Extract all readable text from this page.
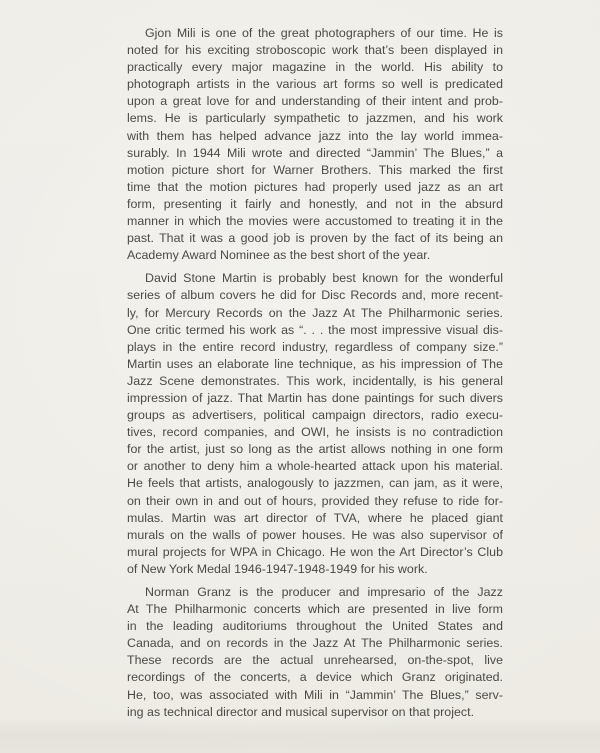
Gjon Mili is one of the great photographers of our time. He is
noted for his exciting stroboscopic work that’s been displayed in
practically every major magazine in the world. His ability to
photograph artists in the various art forms so well is predicated
upon a great love for and understanding of their intent and prob-
lems. He is particularly sympathetic to jazzmen, and his work
with them has helped advance jazz into the lay world immea-
surably. In 1944 Mili wrote and directed “Jammin’ The Blues,” a
motion picture short for Warner Brothers. This marked the first
time that the motion pictures had properly used jazz as an art
form, presenting it fairly and honestly, and not in the absurd
manner in which the movies were accustomed to treating it in the
past. That it was a good job is proven by the fact of its being an
Academy Award Nominee as the best short of the year.
David Stone Martin is probably best known for the wonderful
series of album covers he did for Disc Records and, more recent-
ly, for Mercury Records on the Jazz At The Philharmonic series.
One critic termed his work as “. . . the most impressive visual dis-
plays in the entire record industry, regardless of company size.”
Martin uses an elaborate line technique, as his impression of The
Jazz Scene demonstrates. This work, incidentally, is his general
impression of jazz. That Martin has done paintings for such divers
groups as advertisers, political campaign directors, radio execu-
tives, record companies, and OWI, he insists is no contradiction
for the artist, just so long as the artist allows nothing in one form
or another to deny him a whole-hearted attack upon his material.
He feels that artists, analogously to jazzmen, can jam, as it were,
on their own in and out of hours, provided they refuse to ride for-
mulas. Martin was art director of TVA, where he placed giant
murals on the walls of power houses. He was also supervisor of
mural projects for WPA in Chicago. He won the Art Director’s Club
of New York Medal 1946-1947-1948-1949 for his work.
Norman Granz is the producer and impresario of the Jazz
At The Philharmonic concerts which are presented in live form
in the leading auditoriums throughout the United States and
Canada, and on records in the Jazz At The Philharmonic series.
These records are the actual unrehearsed, on-the-spot, live
recordings of the concerts, a device which Granz originated.
He, too, was associated with Mili in “Jammin’ The Blues,” serv-
ing as technical director and musical supervisor on that project.
